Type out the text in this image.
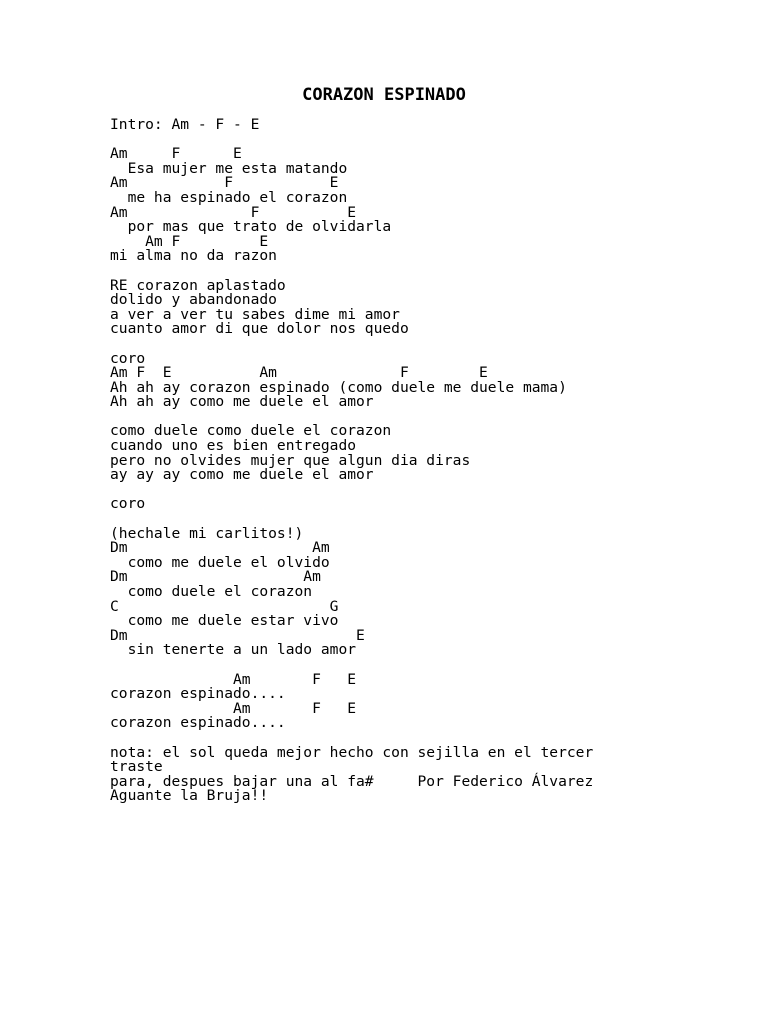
CORAZON ESPINADO
Intro: Am - F - E
Am     F      E
Esa mujer me esta matando
Am           F           E
me ha espinado el corazon
Am              F          E
por mas que trato de olvidarla
Am F         E
mi alma no da razon
RE corazon aplastado
dolido y abandonado
a ver a ver tu sabes dime mi amor
cuanto amor di que dolor nos quedo
coro
Am F  E          Am              F        E
Ah ah ay corazon espinado (como duele me duele mama)
Ah ah ay como me duele el amor
como duele como duele el corazon
cuando uno es bien entregado
pero no olvides mujer que algun dia diras
ay ay ay como me duele el amor
coro
(hechale mi carlitos!)
Dm                     Am
como me duele el olvido
Dm                    Am
como duele el corazon
C                        G
como me duele estar vivo
Dm                          E
sin tenerte a un lado amor
Am       F   E
corazon espinado....
Am       F   E
corazon espinado....
nota: el sol queda mejor hecho con sejilla en el tercer
traste
para, despues bajar una al fa#     Por Federico Álvarez
Aguante la Bruja!!
